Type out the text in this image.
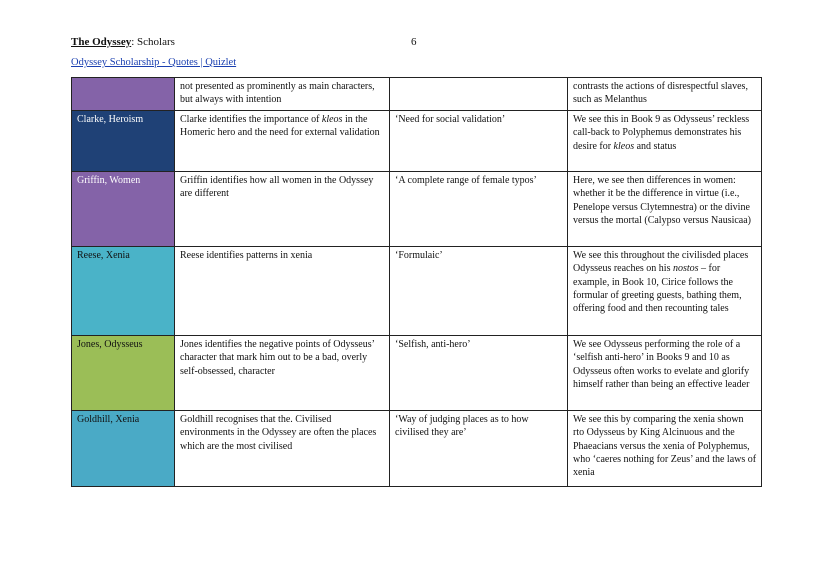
The Odyssey: Scholars	6
Odyssey Scholarship - Quotes | Quizlet
	not presented as prominently as main characters, but always with intention		contrasts the actions of disrespectful slaves, such as Melanthus
Clarke, Heroism	Clarke identifies the importance of kleos in the Homeric hero and the need for external validation	‘Need for social validation’	We see this in Book 9 as Odysseus’ reckless call-back to Polyphemus demonstrates his desire for kleos and status
Griffin, Women	Griffin identifies how all women in the Odyssey are different	‘A complete range of female typos’	Here, we see then differences in women: whether it be the difference in virtue (i.e., Penelope versus Clytemnestra) or the divine versus the mortal (Calypso versus Nausicaa)
Reese, Xenia	Reese identifies patterns in xenia	‘Formulaic’	We see this throughout the civilisded places Odysseus reaches on his nostos – for example, in Book 10, Cirice follows the formular of greeting guests, bathing them, offering food and then recounting tales
Jones, Odysseus	Jones identifies the negative points of Odysseus’ character that mark him out to be a bad, overly self-obsessed, character	‘Selfish, anti-hero’	We see Odysseus performing the role of a ‘selfish anti-hero’ in Books 9 and 10 as Odysseus often works to evelate and glorify himself rather than being an effective leader
Goldhill, Xenia	Goldhill recognises that the. Civilised environments in the Odyssey are often the places which are the most civilised	‘Way of judging places as to how civilised they are’	We see this by comparing the xenia shown rto Odysseus by King Alcinuous and the Phaeacians versus the xenia of Polyphemus, who ‘caeres nothing for Zeus’ and the laws of xenia
